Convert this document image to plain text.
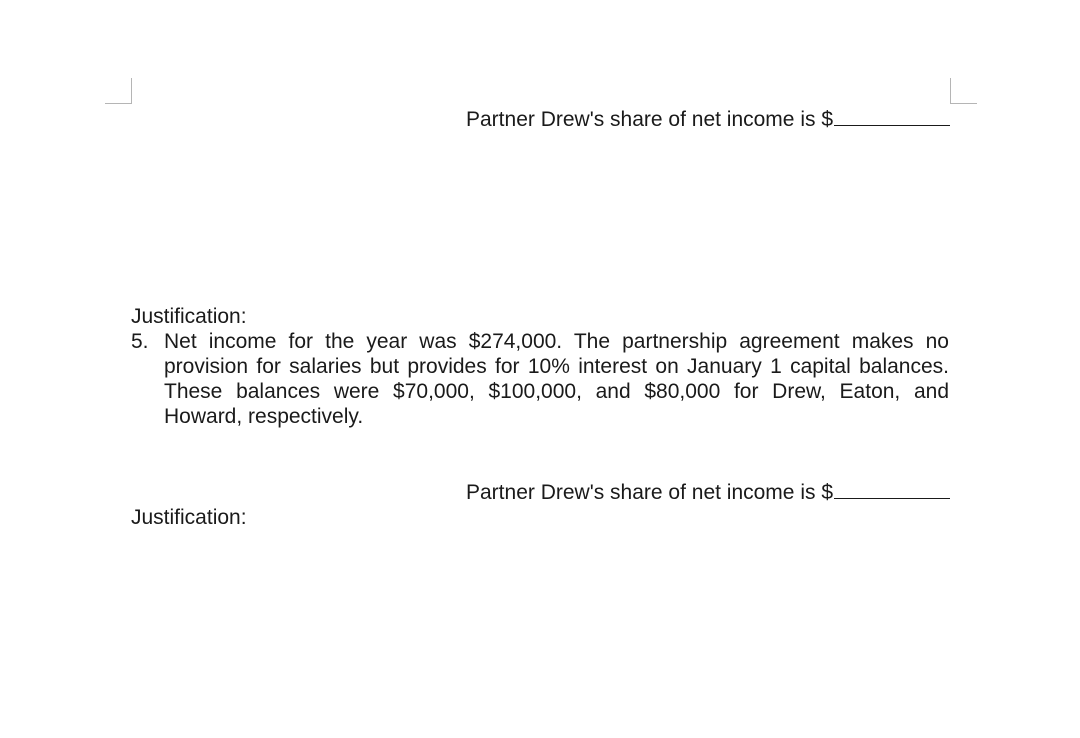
Partner Drew's share of net income is $
Justification:
5. Net income for the year was $274,000. The partnership agreement makes no provision for salaries but provides for 10% interest on January 1 capital balances. These balances were $70,000, $100,000, and $80,000 for Drew, Eaton, and Howard, respectively.
Partner Drew's share of net income is $
Justification:
